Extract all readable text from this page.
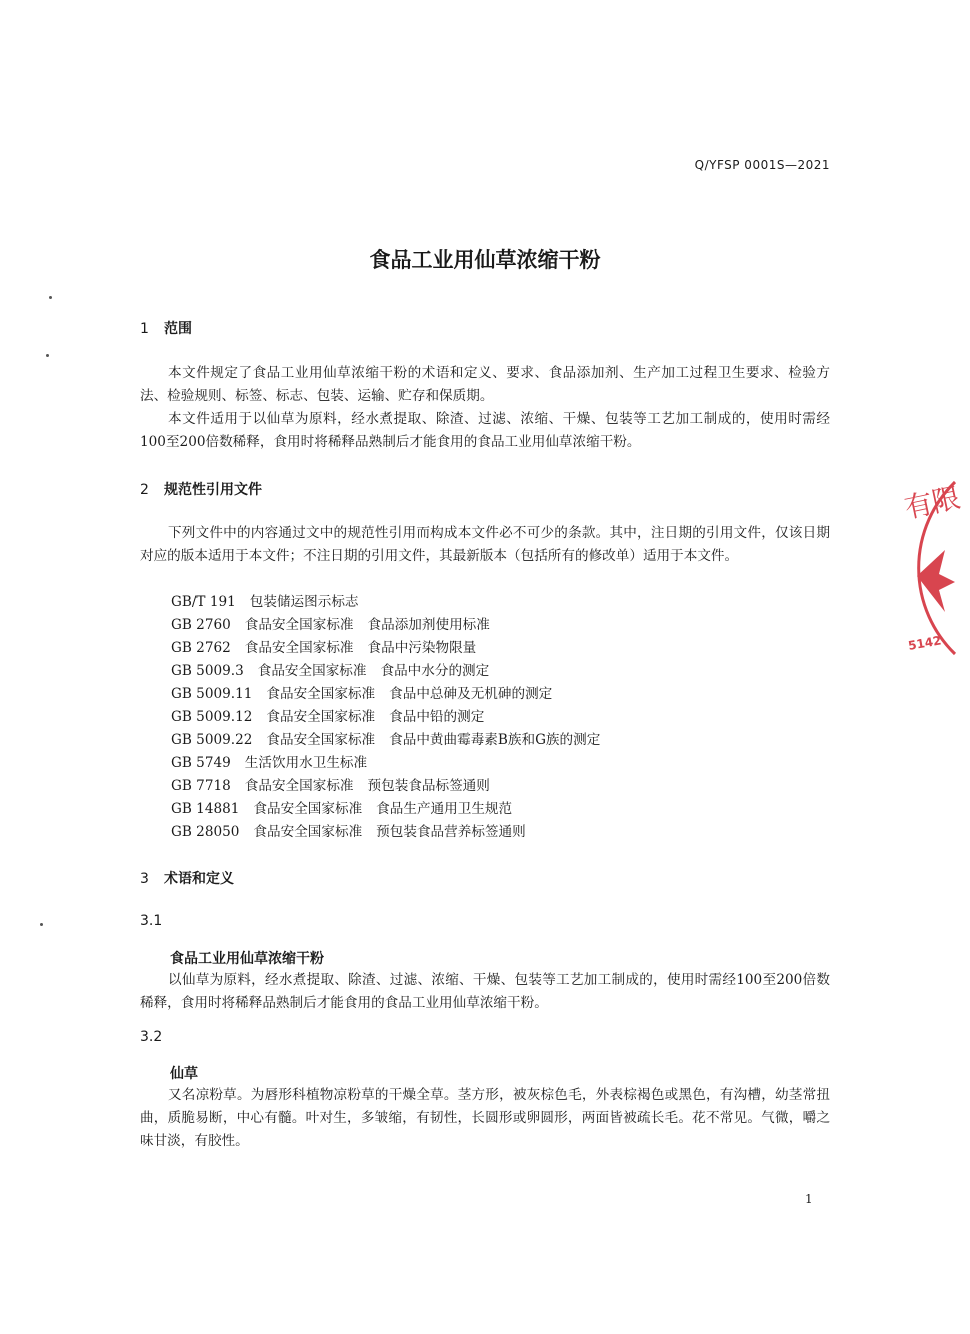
Q/YFSP 0001S—2021
食品工业用仙草浓缩干粉
1 范围

本文件规定了食品工业用仙草浓缩干粉的术语和定义、要求、食品添加剂、生产加工过程卫生要求、检验方法、检验规则、标签、标志、包装、运输、贮存和保质期。

本文件适用于以仙草为原料，经水煮提取、除渣、过滤、浓缩、干燥、包装等工艺加工制成的，使用时需经100至200倍数稀释，食用时将稀释品熟制后才能食用的食品工业用仙草浓缩干粉。

2 规范性引用文件

下列文件中的内容通过文中的规范性引用而构成本文件必不可少的条款。其中，注日期的引用文件，仅该日期对应的版本适用于本文件；不注日期的引用文件，其最新版本（包括所有的修改单）适用于本文件。

GB/T 191 包装储运图示标志
GB 2760 食品安全国家标准 食品添加剂使用标准
GB 2762 食品安全国家标准 食品中污染物限量
GB 5009.3 食品安全国家标准 食品中水分的测定
GB 5009.11 食品安全国家标准 食品中总砷及无机砷的测定
GB 5009.12 食品安全国家标准 食品中铅的测定
GB 5009.22 食品安全国家标准 食品中黄曲霉毒素B族和G族的测定
GB 5749 生活饮用水卫生标准
GB 7718 食品安全国家标准 预包装食品标签通则
GB 14881 食品安全国家标准 食品生产通用卫生规范
GB 28050 食品安全国家标准 预包装食品营养标签通则
3 术语和定义
3.1
食品工业用仙草浓缩干粉

以仙草为原料，经水煮提取、除渣、过滤、浓缩、干燥、包装等工艺加工制成的，使用时需经100至200倍数稀释，食用时将稀释品熟制后才能食用的食品工业用仙草浓缩干粉。

3.2
仙草

又名凉粉草。为唇形科植物凉粉草的干燥全草。茎方形，被灰棕色毛，外表棕褐色或黑色，有沟槽，幼茎常扭曲，质脆易断，中心有髓。叶对生，多皱缩，有韧性，长圆形或卵圆形，两面皆被疏长毛。花不常见。气微，嚼之味甘淡，有胶性。

1
有限
5142
